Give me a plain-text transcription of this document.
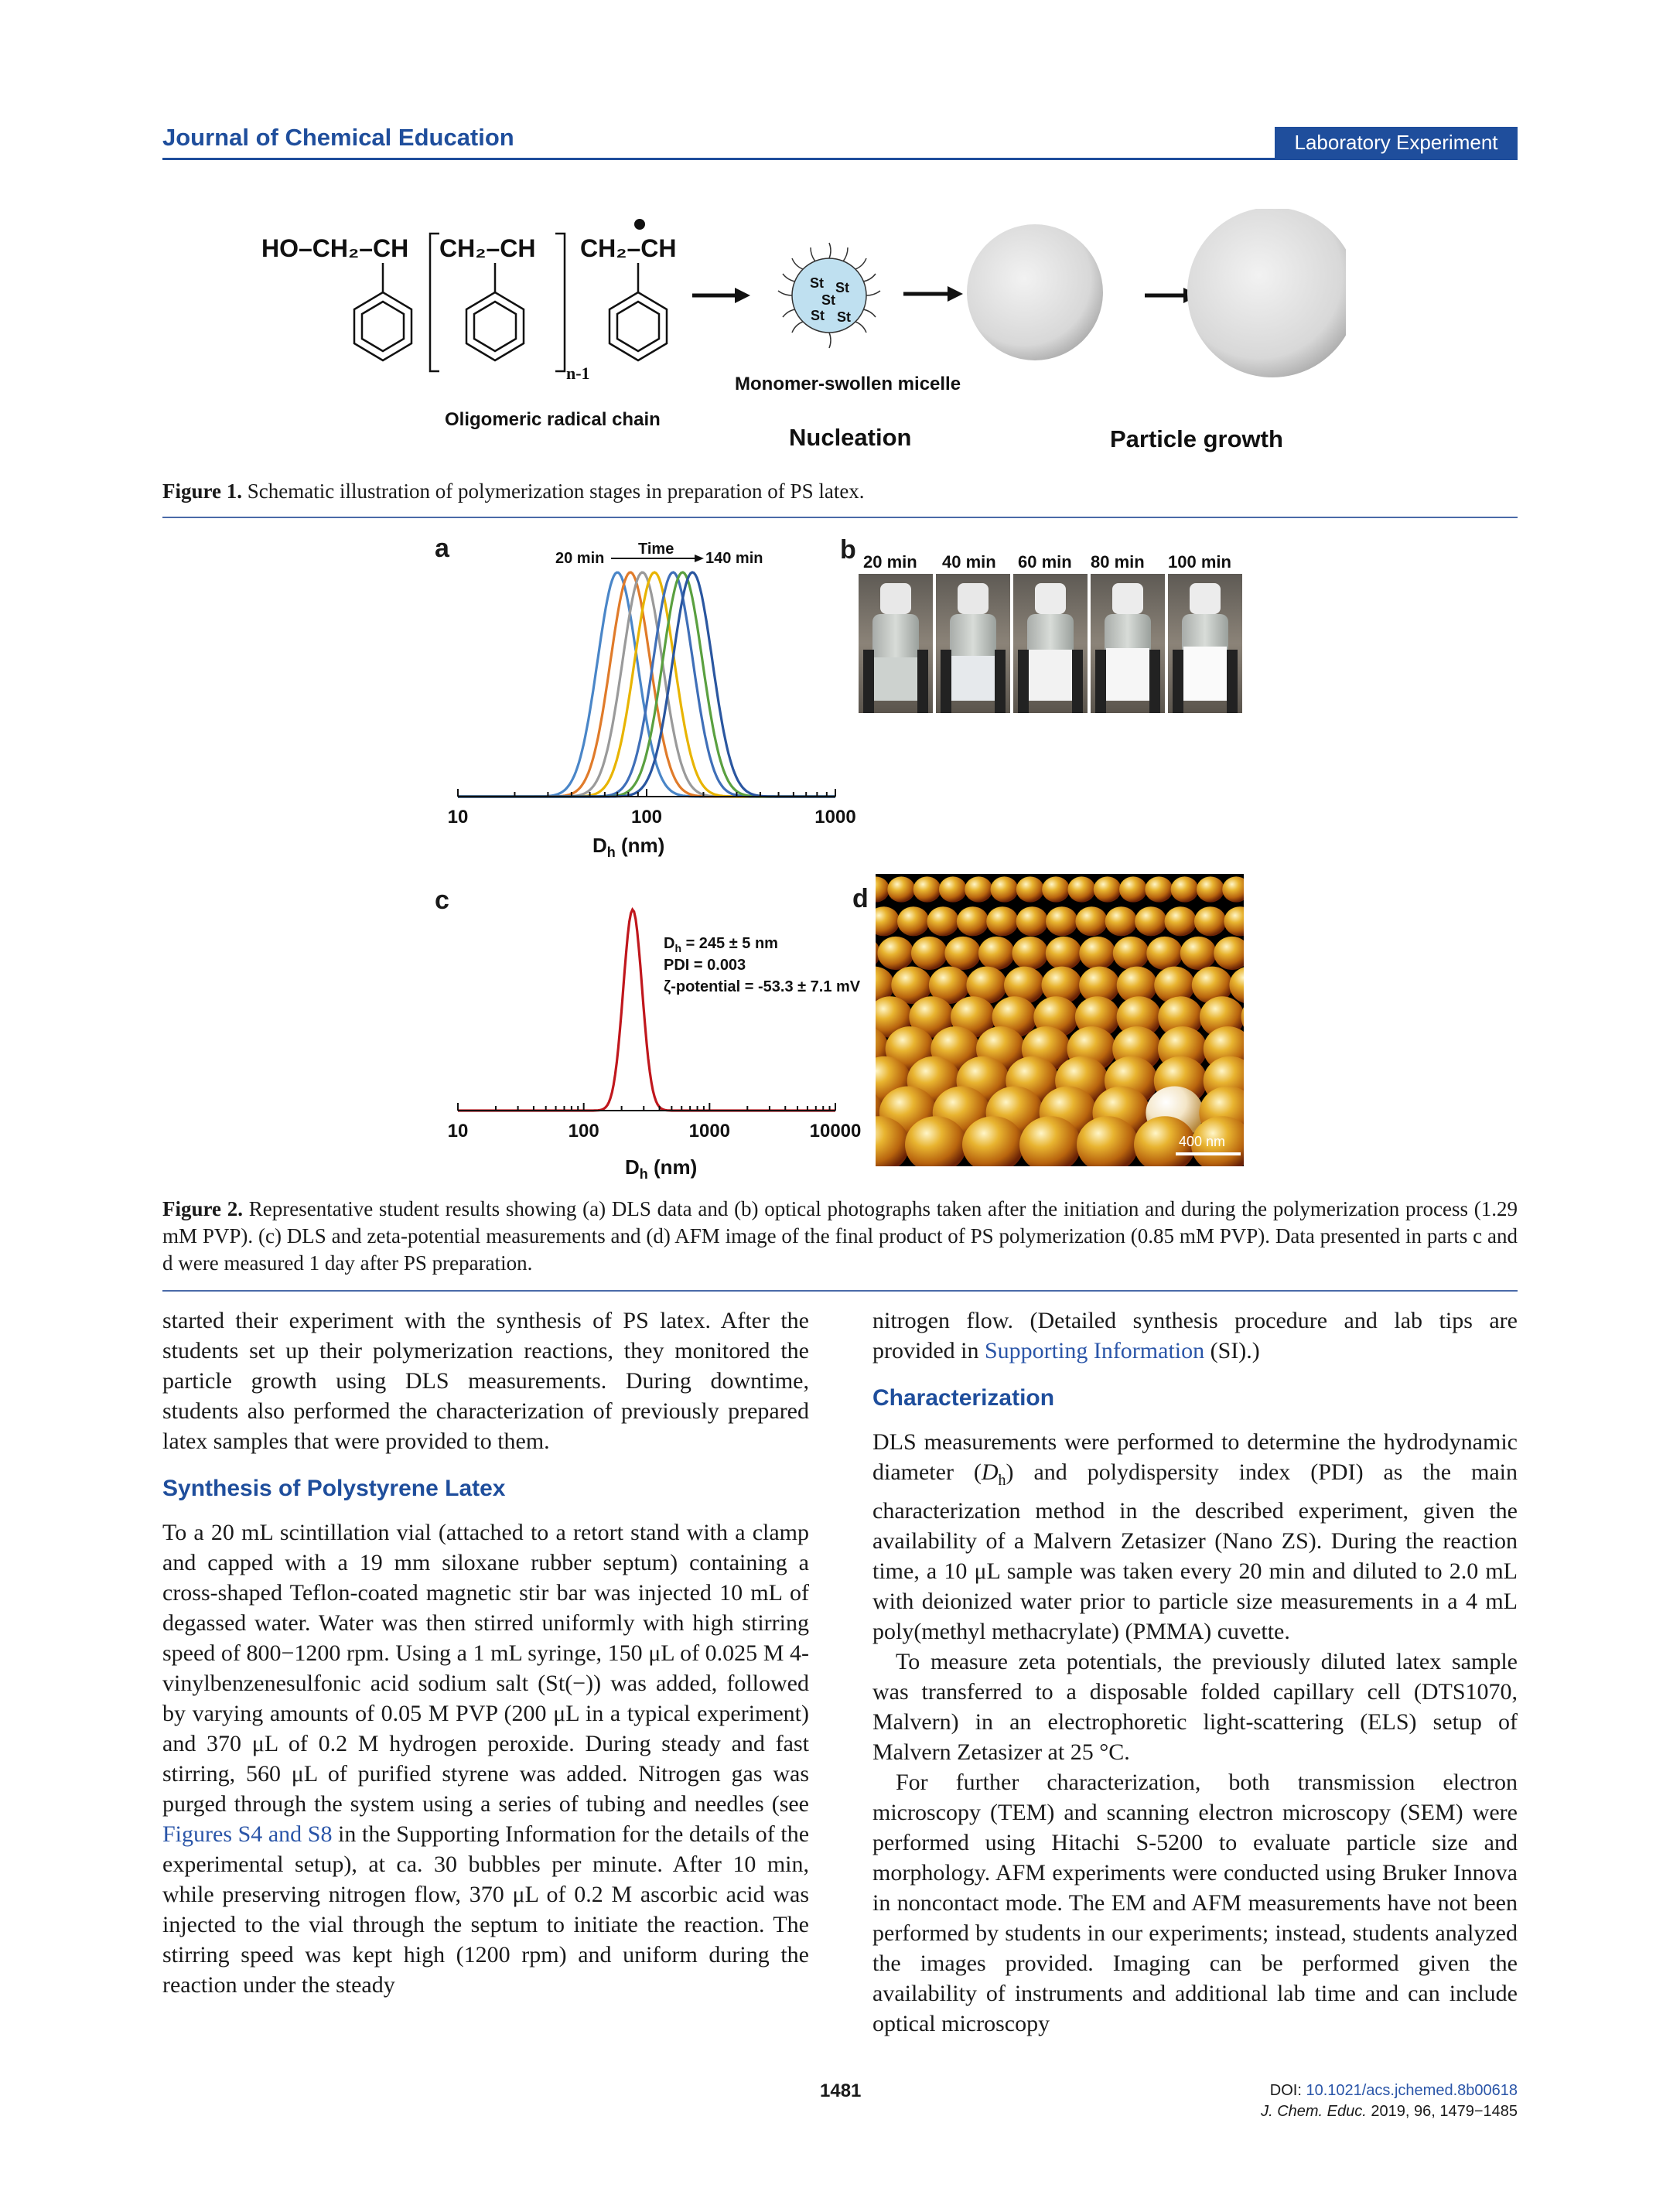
Journal of Chemical Education	Laboratory Experiment
HO–CH₂–CH CH₂–CH CH₂–CH
n-1
Oligomeric radical chain
St St
St
St St
Monomer-swollen micelle
Nucleation	Particle growth
Figure 1. Schematic illustration of polymerization stages in preparation of PS latex.
a	20 min
Time
140 min
10	100	1000
$D_h$ (nm)
b 20 min 40 min 60 min 80 min 100 min
c
$D_h = 245 \pm 5$ nm
PDI = 0.003
ζ-potential = -53.3 ± 7.1 mV
10	100	1000	10000
$D_h$ (nm)
d
400 nm
Figure 2. Representative student results showing (a) DLS data and (b) optical photographs taken after the initiation and during the polymerization process (1.29 mM PVP). (c) DLS and zeta-potential measurements and (d) AFM image of the final product of PS polymerization (0.85 mM PVP). Data presented in parts c and d were measured 1 day after PS preparation.

started their experiment with the synthesis of PS latex. After the students set up their polymerization reactions, they monitored the particle growth using DLS measurements. During downtime, students also performed the characterization of previously prepared latex samples that were provided to them.

Synthesis of Polystyrene Latex

To a 20 mL scintillation vial (attached to a retort stand with a clamp and capped with a 19 mm siloxane rubber septum) containing a cross-shaped Teflon-coated magnetic stir bar was injected 10 mL of degassed water. Water was then stirred uniformly with high stirring speed of 800−1200 rpm. Using a 1 mL syringe, 150 μL of 0.025 M 4-vinylbenzenesulfonic acid sodium salt (St(−)) was added, followed by varying amounts of 0.05 M PVP (200 μL in a typical experiment) and 370 μL of 0.2 M hydrogen peroxide. During steady and fast stirring, 560 μL of purified styrene was added. Nitrogen gas was purged through the system using a series of tubing and needles (see Figures S4 and S8 in the Supporting Information for the details of the experimental setup), at ca. 30 bubbles per minute. After 10 min, while preserving nitrogen flow, 370 μL of 0.2 M ascorbic acid was injected to the vial through the septum to initiate the reaction. The stirring speed was kept high (1200 rpm) and uniform during the reaction under the steady

nitrogen flow. (Detailed synthesis procedure and lab tips are provided in Supporting Information (SI).)

Characterization

DLS measurements were performed to determine the hydrodynamic diameter $(D_h)$ and polydispersity index (PDI) as the main characterization method in the described experiment, given the availability of a Malvern Zetasizer (Nano ZS). During the reaction time, a 10 μL sample was taken every 20 min and diluted to 2.0 mL with deionized water prior to particle size measurements in a 4 mL poly(methyl methacrylate) (PMMA) cuvette.

To measure zeta potentials, the previously diluted latex sample was transferred to a disposable folded capillary cell (DTS1070, Malvern) in an electrophoretic light-scattering (ELS) setup of Malvern Zetasizer at 25 °C.

For further characterization, both transmission electron microscopy (TEM) and scanning electron microscopy (SEM) were performed using Hitachi S-5200 to evaluate particle size and morphology. AFM experiments were conducted using Bruker Innova in noncontact mode. The EM and AFM measurements have not been performed by students in our experiments; instead, students analyzed the images provided. Imaging can be performed given the availability of instruments and additional lab time and can include optical microscopy

1481	DOI: 10.1021/acs.jchemed.8b00618
J. Chem. Educ. 2019, 96, 1479−1485
